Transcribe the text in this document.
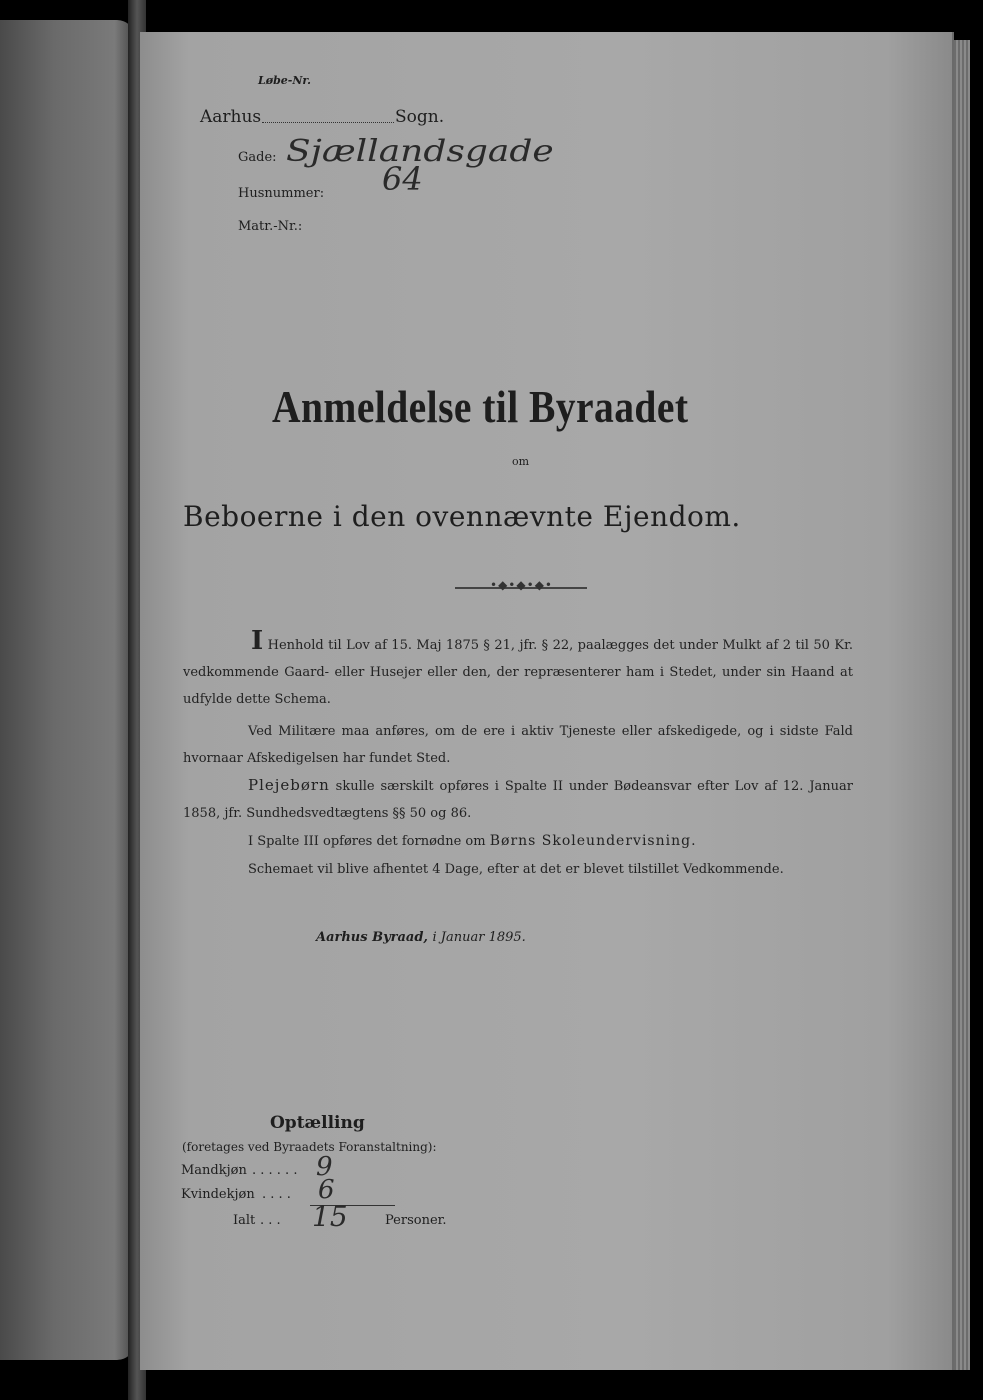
Løbe-Nr.
Aarhus	Sogn.
Gade: Sjællandsgade
Husnummer: 64
Matr.-Nr.:
Anmeldelse til Byraadet
om
Beboerne i den ovennævnte Ejendom.
•◆•◆•◆•
I Henhold til Lov af 15. Maj 1875 § 21, jfr. § 22, paalægges det under Mulkt af 2 til 50 Kr. vedkommende Gaard- eller Husejer eller den, der repræsenterer ham i Stedet, under sin Haand at udfylde dette Schema.
Ved Militære maa anføres, om de ere i aktiv Tjeneste eller afskedigede, og i sidste Fald hvornaar Afskedigelsen har fundet Sted.
Plejebørn skulle særskilt opføres i Spalte II under Bødeansvar efter Lov af 12. Januar 1858, jfr. Sundhedsvedtægtens §§ 50 og 86.
I Spalte III opføres det fornødne om Børns Skoleundervisning.
Schemaet vil blive afhentet 4 Dage, efter at det er blevet tilstillet Vedkommende.
Aarhus Byraad, i Januar 1895.
Optælling
(foretages ved Byraadets Foranstaltning):
Mandkjøn . . . . . . 9
Kvindekjøn . . . . 6
Ialt . . . 15	Personer.
